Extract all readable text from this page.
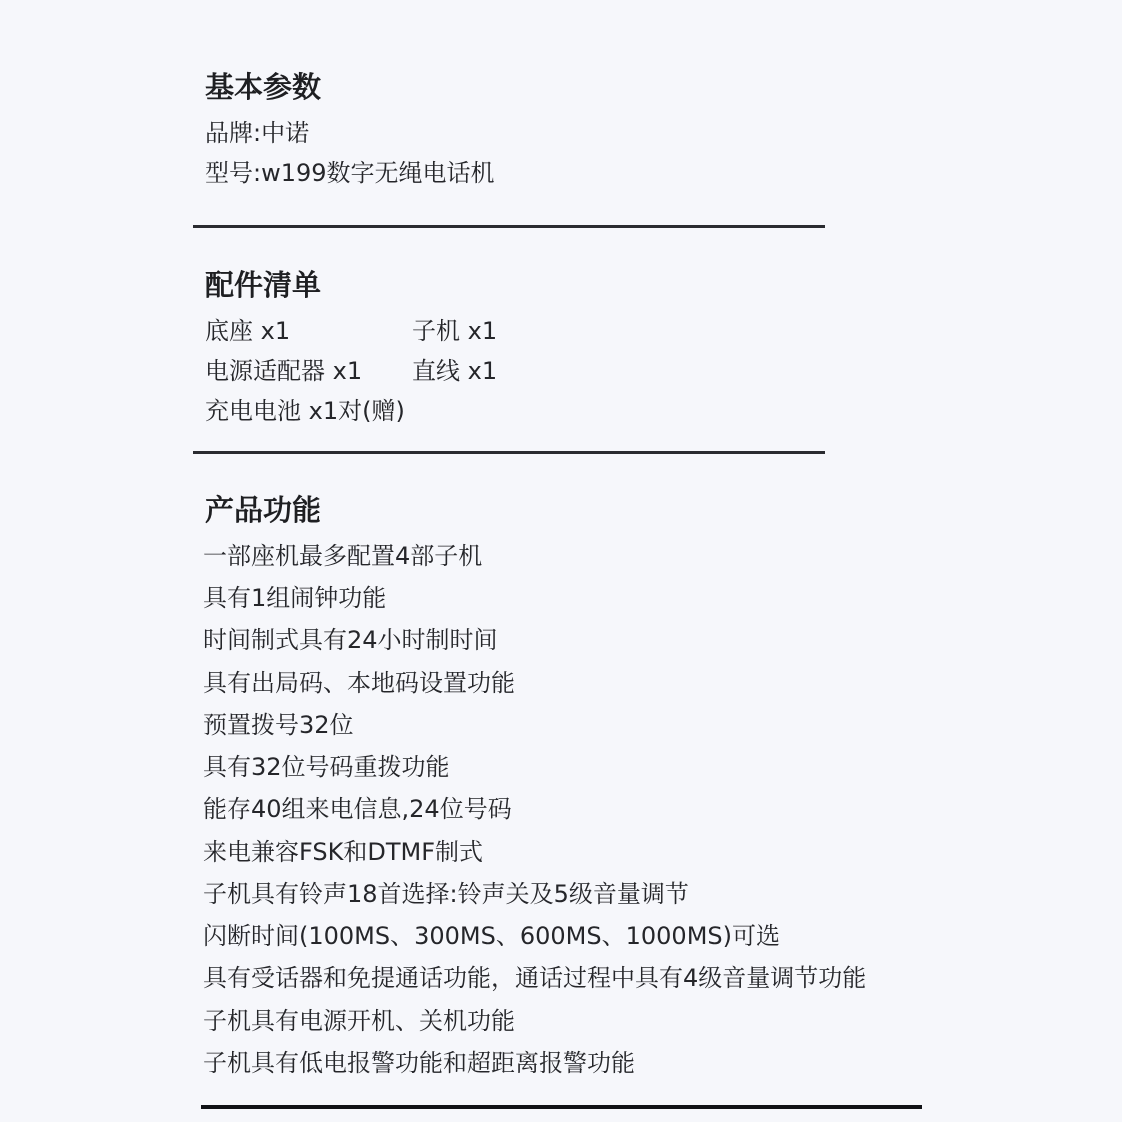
基本参数
品牌:中诺
型号:w199数字无绳电话机
配件清单
底座 x1	子机 x1
电源适配器 x1 直线 x1
充电电池 x1对(赠)
产品功能
一部座机最多配置4部子机
具有1组闹钟功能
时间制式具有24小时制时间
具有出局码、本地码设置功能
预置拨号32位
具有32位号码重拨功能
能存40组来电信息,24位号码
来电兼容FSK和DTMF制式
子机具有铃声18首选择:铃声关及5级音量调节
闪断时间(100MS、300MS、600MS、1000MS)可选
具有受话器和免提通话功能，通话过程中具有4级音量调节功能
子机具有电源开机、关机功能
子机具有低电报警功能和超距离报警功能
